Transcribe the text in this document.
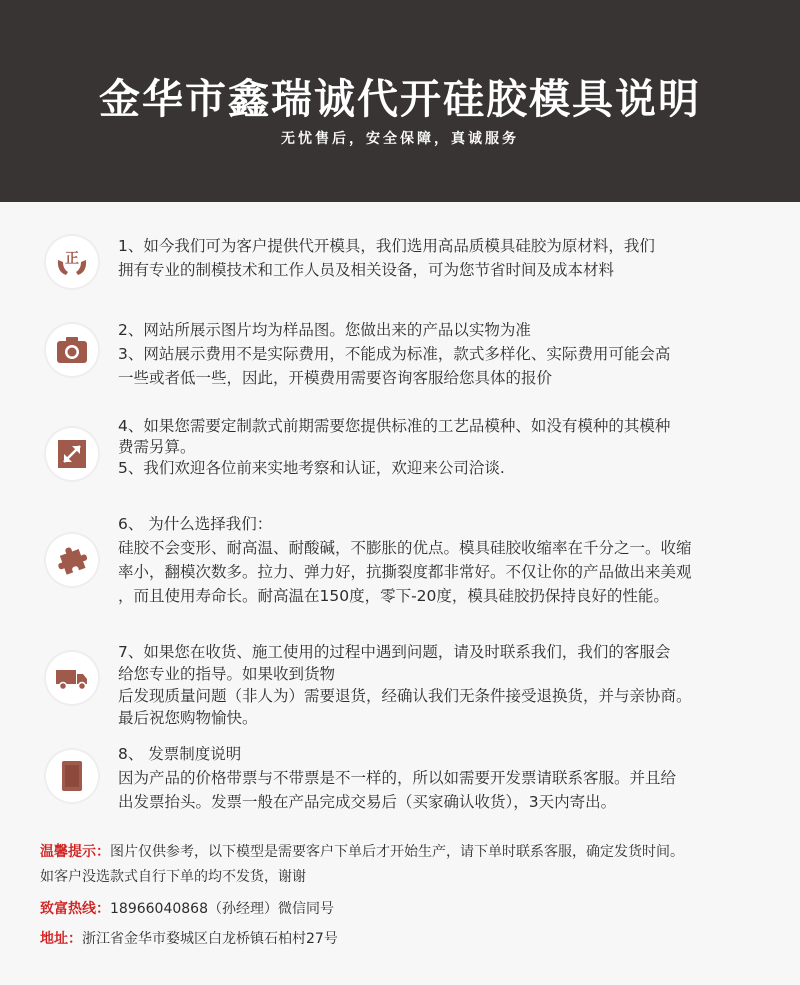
金华市鑫瑞诚代开硅胶模具说明
无忧售后，安全保障，真诚服务
正

1、如今我们可为客户提供代开模具，我们选用高品质模具硅胶为原材料，我们

拥有专业的制模技术和工作人员及相关设备，可为您节省时间及成本材料

2、网站所展示图片均为样品图。您做出来的产品以实物为准

3、网站展示费用不是实际费用，不能成为标准，款式多样化、实际费用可能会高

一些或者低一些，因此，开模费用需要咨询客服给您具体的报价

4、如果您需要定制款式前期需要您提供标准的工艺品模种、如没有模种的其模种

费需另算。

5、我们欢迎各位前来实地考察和认证，欢迎来公司洽谈.

6、 为什么选择我们：

硅胶不会变形、耐高温、耐酸碱，不膨胀的优点。模具硅胶收缩率在千分之一。收缩

率小，翻模次数多。拉力、弹力好，抗撕裂度都非常好。不仅让你的产品做出来美观

，而且使用寿命长。耐高温在150度，零下-20度，模具硅胶扔保持良好的性能。

7、如果您在收货、施工使用的过程中遇到问题，请及时联系我们，我们的客服会

给您专业的指导。如果收到货物

后发现质量问题（非人为）需要退货，经确认我们无条件接受退换货，并与亲协商。

最后祝您购物愉快。

8、 发票制度说明

因为产品的价格带票与不带票是不一样的，所以如需要开发票请联系客服。并且给

出发票抬头。发票一般在产品完成交易后（买家确认收货），3天内寄出。

温馨提示：图片仅供参考，以下模型是需要客户下单后才开始生产，请下单时联系客服，确定发货时间。

如客户没选款式自行下单的均不发货，谢谢

致富热线：18966040868（孙经理）微信同号

地址：浙江省金华市婺城区白龙桥镇石柏村27号
